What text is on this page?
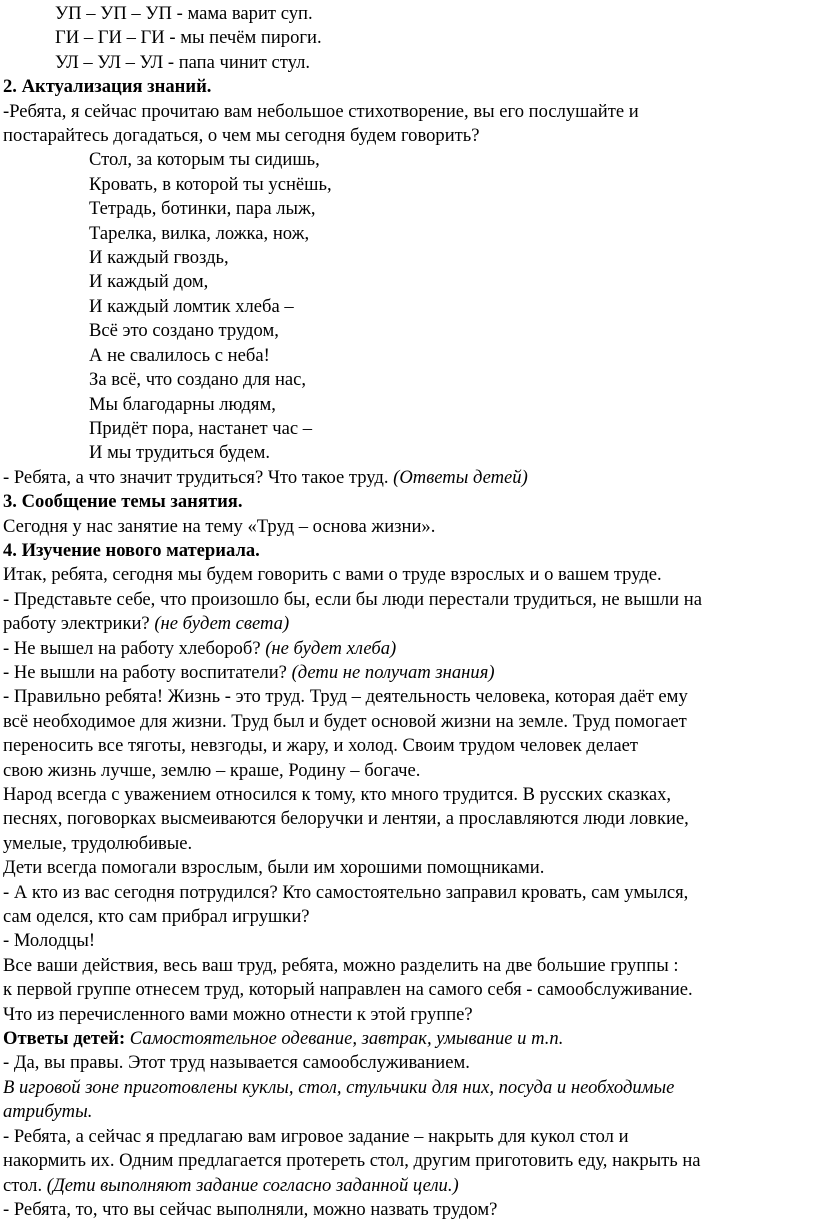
УП – УП – УП - мама варит суп.
ГИ – ГИ – ГИ - мы печём пироги.
УЛ – УЛ – УЛ - папа чинит стул.
2. Актуализация знаний.
-Ребята, я сейчас прочитаю вам небольшое стихотворение, вы его послушайте и
постарайтесь догадаться, о чем мы сегодня будем говорить?
Стол, за которым ты сидишь,
Кровать, в которой ты уснёшь,
Тетрадь, ботинки, пара лыж,
Тарелка, вилка, ложка, нож,
И каждый гвоздь,
И каждый дом,
И каждый ломтик хлеба –
Всё это создано трудом,
А не свалилось с неба!
За всё, что создано для нас,
Мы благодарны людям,
Придёт пора, настанет час –
И мы трудиться будем.
- Ребята, а что значит трудиться? Что такое труд. (Ответы детей)
3. Сообщение темы занятия.
Сегодня у нас занятие на тему «Труд – основа жизни».
4. Изучение нового материала.
Итак, ребята, сегодня мы будем говорить с вами о труде взрослых и о вашем труде.
- Представьте себе, что произошло бы, если бы люди перестали трудиться, не вышли на
работу электрики? (не будет света)
- Не вышел на работу хлебороб? (не будет хлеба)
- Не вышли на работу воспитатели? (дети не получат знания)
- Правильно ребята! Жизнь - это труд. Труд – деятельность человека, которая даёт ему
всё необходимое для жизни. Труд был и будет основой жизни на земле. Труд помогает
переносить все тяготы, невзгоды, и жару, и холод. Своим трудом человек делает
свою жизнь лучше, землю – краше, Родину – богаче.
Народ всегда с уважением относился к тому, кто много трудится. В русских сказках,
песнях, поговорках высмеиваются белоручки и лентяи, а прославляются люди ловкие,
умелые, трудолюбивые.
Дети всегда помогали взрослым, были им хорошими помощниками.
- А кто из вас сегодня потрудился? Кто самостоятельно заправил кровать, сам умылся,
сам оделся, кто сам прибрал игрушки?
- Молодцы!
Все ваши действия, весь ваш труд, ребята, можно разделить на две большие группы :
к первой группе отнесем труд, который направлен на самого себя - самообслуживание.
Что из перечисленного вами можно отнести к этой группе?
Ответы детей: Самостоятельное одевание, завтрак, умывание и т.п.
- Да, вы правы. Этот труд называется самообслуживанием.
В игровой зоне приготовлены куклы, стол, стульчики для них, посуда и необходимые
атрибуты.
- Ребята, а сейчас я предлагаю вам игровое задание – накрыть для кукол стол и
накормить их. Одним предлагается протереть стол, другим приготовить еду, накрыть на
стол. (Дети выполняют задание согласно заданной цели.)
- Ребята, то, что вы сейчас выполняли, можно назвать трудом?
